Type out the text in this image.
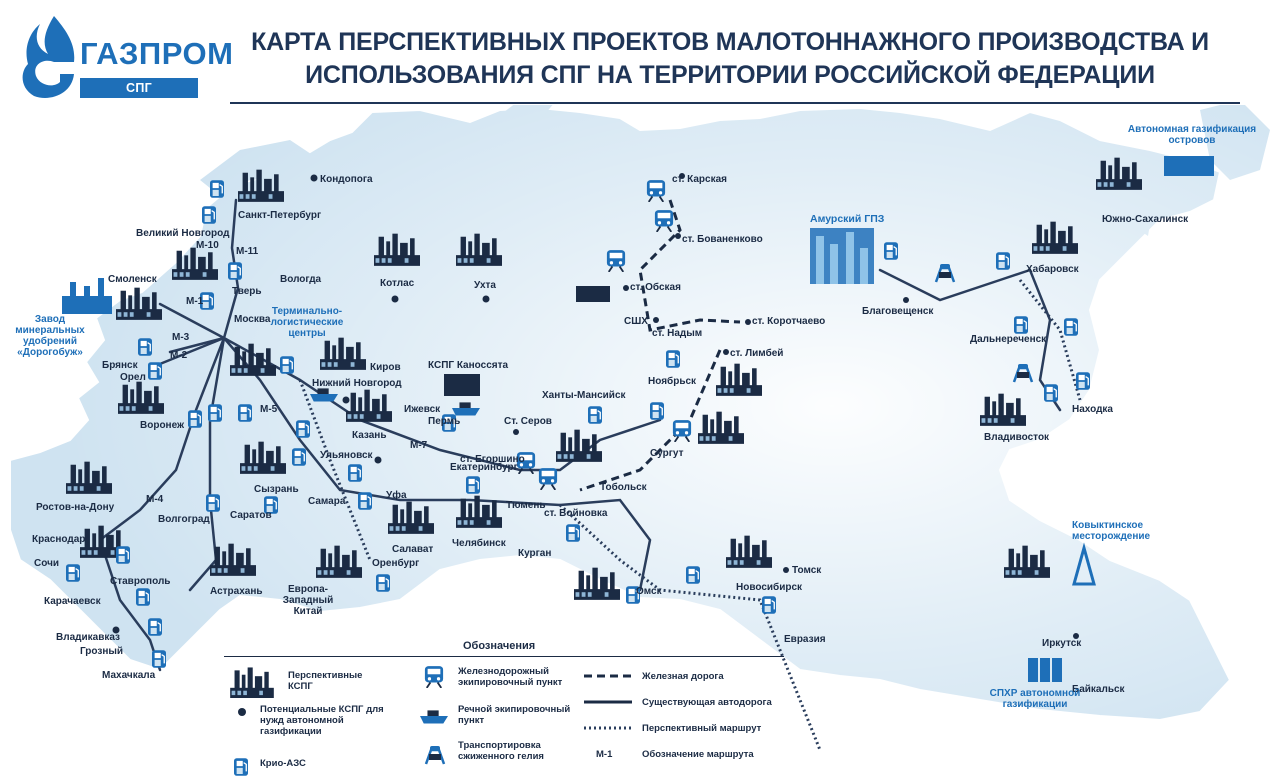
Кондопога
Санкт-Петербург
Великий Новгород
Смоленск
Тверь
Вологда
Москва
Брянск
Орел
Воронеж
Котлас	Ухта
Киров
Нижний Новгород
Казань
Ижевск
Пермь
Ульяновск
Сызрань
Самара
Саратов
Волгоград
Ростов-на-Дону
Краснодар
Сочи
Карачаевск
Ставрополь
Владикавказ
Грозный
Махачкала
Астрахань
Уфа
Салават
Оренбург
Челябинск
Екатеринбург
Курган
Тюмень
Тобольск
Ханты-Мансийск
Сургут
Ноябрьск
Омск	Новосибирск
Томск
Благовещенск
Хабаровск
Дальнереченск
Находка
Владивосток
Южно-Сахалинск
Иркутск
Байкальск
ст. Карская
ст. Бованенково
ст. Обская
ст. Надым
ст. Коротчаево
ст. Лимбей
Ст. Серов
ст. Егоршино
ст. Войновка
М-1
М-3
М-2
М-4
М-5
М-7
М-10
М-11
Амурский ГПЗ
КСПГ Каноссята
Евразия
СШХ
Завод
минеральных
удобрений
«Дорогобуж»
Терминально-
логистические
центры
Автономная газификация
островов
Ковыктинское
месторождение
СПХР автономной
газификации
Европа-
Западный Китай
ГАЗПРОМ
СПГ ТЕХНОЛОГИИ
КАРТА ПЕРСПЕКТИВНЫХ ПРОЕКТОВ МАЛОТОННАЖНОГО ПРОИЗВОДСТВА И
ИСПОЛЬЗОВАНИЯ СПГ НА ТЕРРИТОРИИ РОССИЙСКОЙ ФЕДЕРАЦИИ
Обозначения
Перспективные
КСПГ
Потенциальные КСПГ для
нужд автономной
газификации
Крио-АЗС
Железнодорожный
экипировочный пункт
Речной экипировочный
пункт
Транспортировка
сжиженного гелия
Железная дорога
Существующая автодорога
Перспективный маршрут
М-1	Обозначение маршрута
